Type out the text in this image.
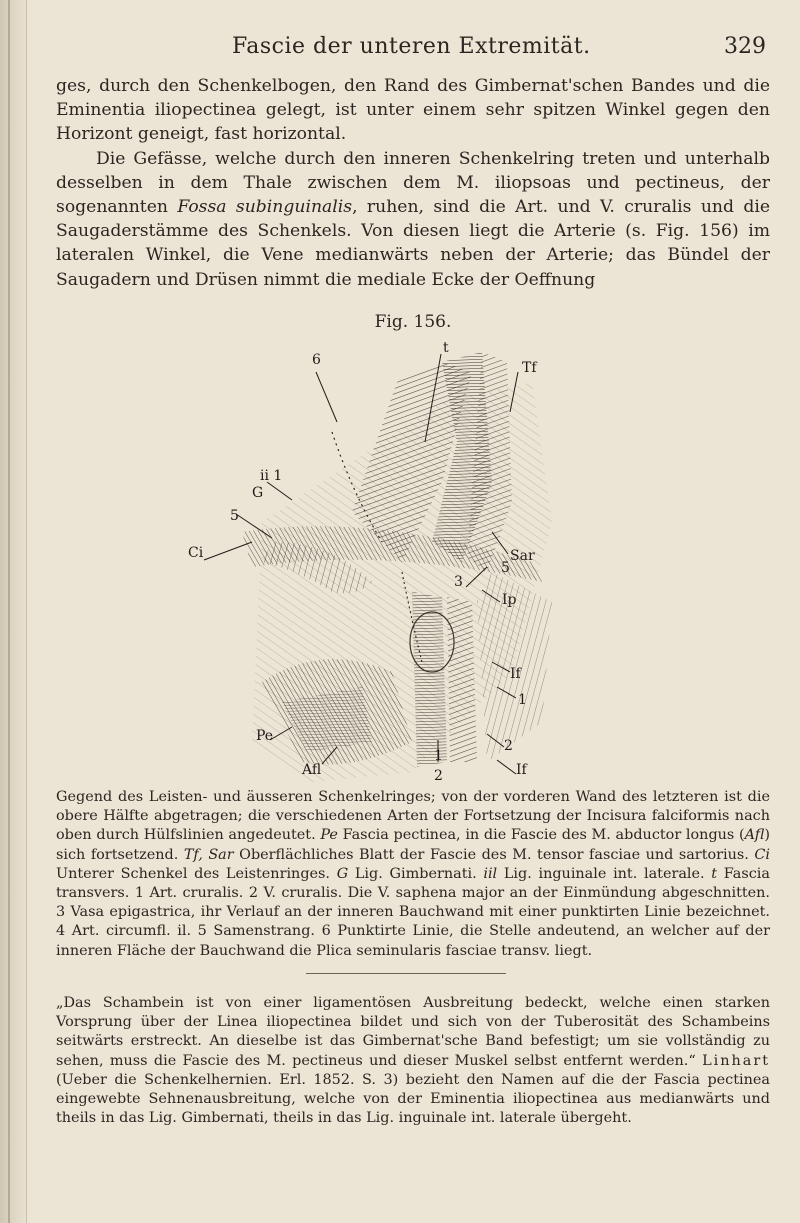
Fascie der unteren Extremität.	329

ges, durch den Schenkelbogen, den Rand des Gimbernat'schen Bandes und die Eminentia iliopectinea gelegt, ist unter einem sehr spitzen Winkel gegen den Horizont geneigt, fast horizontal.

Die Gefässe, welche durch den inneren Schenkelring treten und unterhalb desselben in dem Thale zwischen dem M. iliopsoas und pectineus, der sogenannten Fossa subinguinalis, ruhen, sind die Art. und V. cruralis und die Saugaderstämme des Schenkels. Von diesen liegt die Arterie (s. Fig. 156) im lateralen Winkel, die Vene medianwärts neben der Arterie; das Bündel der Saugadern und Drüsen nimmt die mediale Ecke der Oeffnung

Fig. 156.
t
6	Tf
ii 1
G
5
Ci	Sar
5
3
Ip
If
1
Pe
2
Afl
1
2	If

Gegend des Leisten- und äusseren Schenkelringes; von der vorderen Wand des letzteren ist die obere Hälfte abgetragen; die verschiedenen Arten der Fortsetzung der Incisura falciformis nach oben durch Hülfslinien angedeutet. Pe Fascia pectinea, in die Fascie des M. abductor longus (Afl) sich fortsetzend. Tf, Sar Oberflächliches Blatt der Fascie des M. tensor fasciae und sartorius. Ci Unterer Schenkel des Leistenringes. G Lig. Gimbernati. iil Lig. inguinale int. laterale. t Fascia transvers. 1 Art. cruralis. 2 V. cruralis. Die V. saphena major an der Einmündung abgeschnitten. 3 Vasa epigastrica, ihr Verlauf an der inneren Bauchwand mit einer punktirten Linie bezeichnet. 4 Art. circumfl. il. 5 Samenstrang. 6 Punktirte Linie, die Stelle andeutend, an welcher auf der inneren Fläche der Bauchwand die Plica seminularis fasciae transv. liegt.

„Das Schambein ist von einer ligamentösen Ausbreitung bedeckt, welche einen starken Vorsprung über der Linea iliopectinea bildet und sich von der Tuberosität des Schambeins seitwärts erstreckt. An dieselbe ist das Gimbernat'sche Band befestigt; um sie vollständig zu sehen, muss die Fascie des M. pectineus und dieser Muskel selbst entfernt werden.“ Linhart (Ueber die Schenkelhernien. Erl. 1852. S. 3) bezieht den Namen auf die der Fascia pectinea eingewebte Sehnenausbreitung, welche von der Eminentia iliopectinea aus medianwärts und theils in das Lig. Gimbernati, theils in das Lig. inguinale int. laterale übergeht.
